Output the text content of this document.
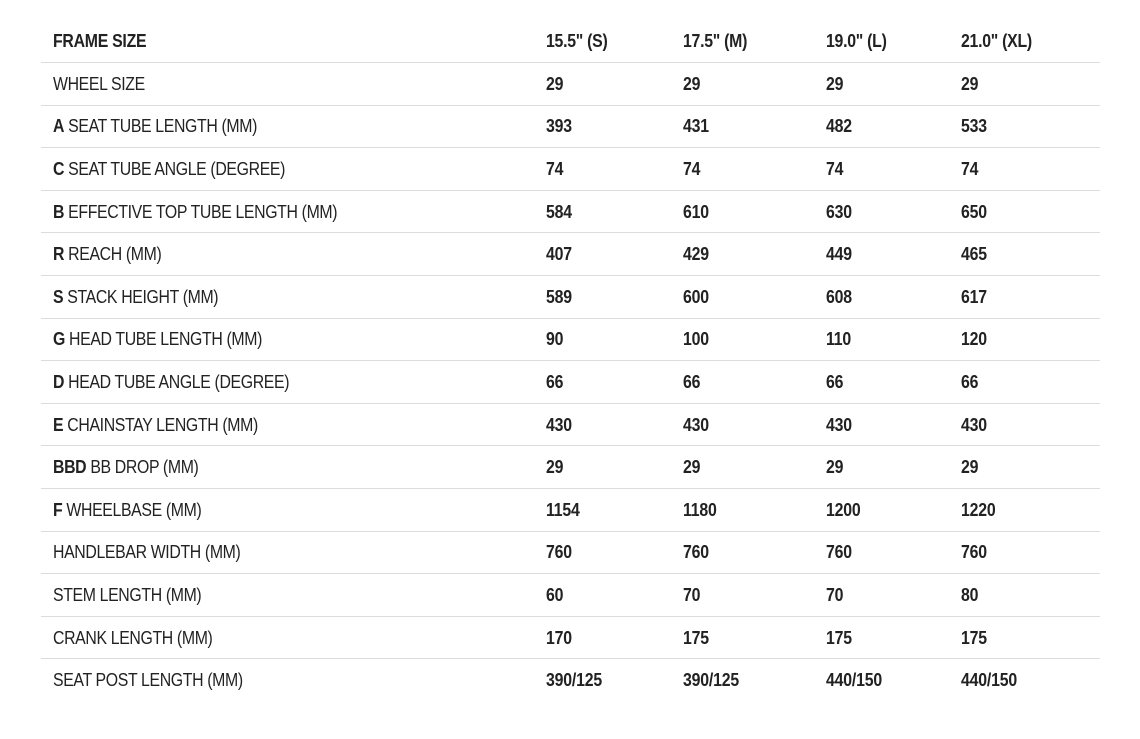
FRAME SIZE	15.5" (S)	17.5" (M)	19.0" (L)	21.0" (XL)
WHEEL SIZE	29	29	29	29
A SEAT TUBE LENGTH (MM)	393	431	482	533
C SEAT TUBE ANGLE (DEGREE)	74	74	74	74
B EFFECTIVE TOP TUBE LENGTH (MM)	584	610	630	650
R REACH (MM)	407	429	449	465
S STACK HEIGHT (MM)	589	600	608	617
G HEAD TUBE LENGTH (MM)	90	100	110	120
D HEAD TUBE ANGLE (DEGREE)	66	66	66	66
E CHAINSTAY LENGTH (MM)	430	430	430	430
BBD BB DROP (MM)	29	29	29	29
F WHEELBASE (MM)	1154	1180	1200	1220
HANDLEBAR WIDTH (MM)	760	760	760	760
STEM LENGTH (MM)	60	70	70	80
CRANK LENGTH (MM)	170	175	175	175
SEAT POST LENGTH (MM)	390/125	390/125	440/150	440/150
